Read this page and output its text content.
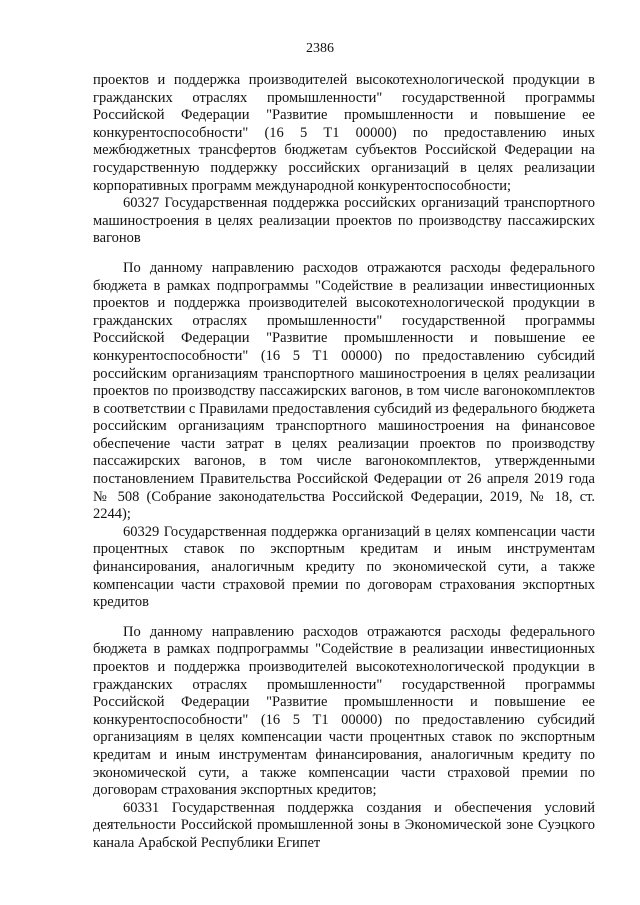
2386

проектов и поддержка производителей высокотехнологической продукции в гражданских отраслях промышленности" государственной программы Российской Федерации "Развитие промышленности и повышение ее конкурентоспособности" (16 5 Т1 00000) по предоставлению иных межбюджетных трансфертов бюджетам субъектов Российской Федерации на государственную поддержку российских организаций в целях реализации корпоративных программ международной конкурентоспособности;

60327 Государственная поддержка российских организаций транспортного машиностроения в целях реализации проектов по производству пассажирских вагонов

По данному направлению расходов отражаются расходы федерального бюджета в рамках подпрограммы "Содействие в реализации инвестиционных проектов и поддержка производителей высокотехнологической продукции в гражданских отраслях промышленности" государственной программы Российской Федерации "Развитие промышленности и повышение ее конкурентоспособности" (16 5 Т1 00000) по предоставлению субсидий российским организациям транспортного машиностроения в целях реализации проектов по производству пассажирских вагонов, в том числе вагонокомплектов в соответствии с Правилами предоставления субсидий из федерального бюджета российским организациям транспортного машиностроения на финансовое обеспечение части затрат в целях реализации проектов по производству пассажирских вагонов, в том числе вагонокомплектов, утвержденными постановлением Правительства Российской Федерации от 26 апреля 2019 года № 508 (Собрание законодательства Российской Федерации, 2019, № 18, ст. 2244);

60329 Государственная поддержка организаций в целях компенсации части процентных ставок по экспортным кредитам и иным инструментам финансирования, аналогичным кредиту по экономической сути, а также компенсации части страховой премии по договорам страхования экспортных кредитов

По данному направлению расходов отражаются расходы федерального бюджета в рамках подпрограммы "Содействие в реализации инвестиционных проектов и поддержка производителей высокотехнологической продукции в гражданских отраслях промышленности" государственной программы Российской Федерации "Развитие промышленности и повышение ее конкурентоспособности" (16 5 Т1 00000) по предоставлению субсидий организациям в целях компенсации части процентных ставок по экспортным кредитам и иным инструментам финансирования, аналогичным кредиту по экономической сути, а также компенсации части страховой премии по договорам страхования экспортных кредитов;

60331 Государственная поддержка создания и обеспечения условий деятельности Российской промышленной зоны в Экономической зоне Суэцкого канала Арабской Республики Египет
